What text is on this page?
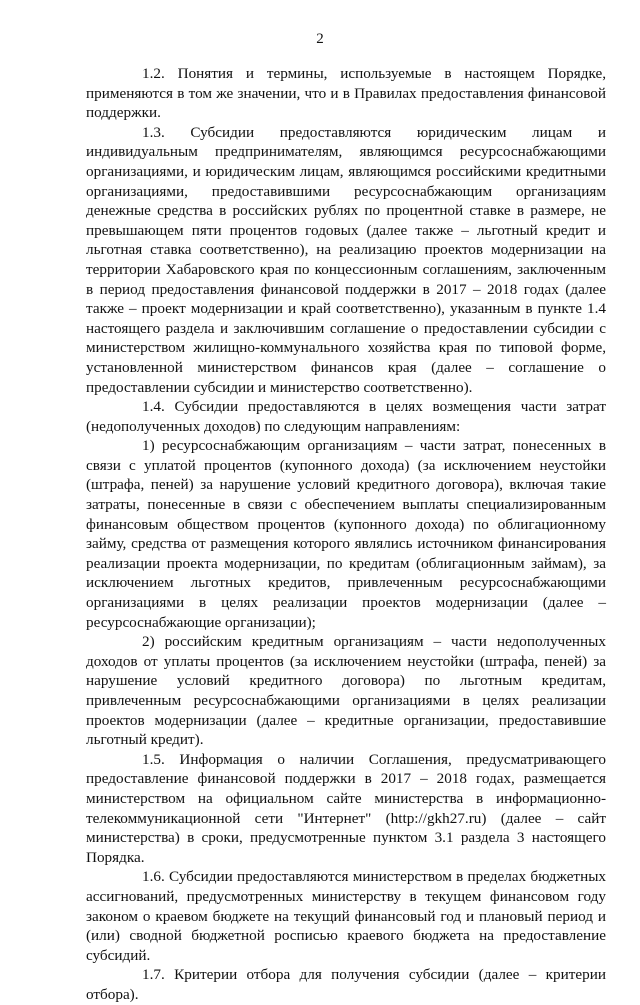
2

1.2. Понятия и термины, используемые в настоящем Порядке, применяются в том же значении, что и в Правилах предоставления финансовой поддержки.

1.3. Субсидии предоставляются юридическим лицам и индивидуальным предпринимателям, являющимся ресурсоснабжающими организациями, и юридическим лицам, являющимся российскими кредитными организациями, предоставившими ресурсоснабжающим организациям денежные средства в российских рублях по процентной ставке в размере, не превышающем пяти процентов годовых (далее также – льготный кредит и льготная ставка соответственно), на реализацию проектов модернизации на территории Хабаровского края по концессионным соглашениям, заключенным в период предоставления финансовой поддержки в 2017 – 2018 годах (далее также – проект модернизации и край соответственно), указанным в пункте 1.4 настоящего раздела и заключившим соглашение о предоставлении субсидии с министерством жилищно-коммунального хозяйства края по типовой форме, установленной министерством финансов края (далее – соглашение о предоставлении субсидии и министерство соответственно).

1.4. Субсидии предоставляются в целях возмещения части затрат (недополученных доходов) по следующим направлениям:

1) ресурсоснабжающим организациям – части затрат, понесенных в связи с уплатой процентов (купонного дохода) (за исключением неустойки (штрафа, пеней) за нарушение условий кредитного договора), включая такие затраты, понесенные в связи с обеспечением выплаты специализированным финансовым обществом процентов (купонного дохода) по облигационному займу, средства от размещения которого являлись источником финансирования реализации проекта модернизации, по кредитам (облигационным займам), за исключением льготных кредитов, привлеченным ресурсоснабжающими организациями в целях реализации проектов модернизации (далее – ресурсоснабжающие организации);

2) российским кредитным организациям – части недополученных доходов от уплаты процентов (за исключением неустойки (штрафа, пеней) за нарушение условий кредитного договора) по льготным кредитам, привлеченным ресурсоснабжающими организациями в целях реализации проектов модернизации (далее – кредитные организации, предоставившие льготный кредит).

1.5. Информация о наличии Соглашения, предусматривающего предоставление финансовой поддержки в 2017 – 2018 годах, размещается министерством на официальном сайте министерства в информационно-телекоммуникационной сети "Интернет" (http://gkh27.ru) (далее – сайт министерства) в сроки, предусмотренные пунктом 3.1 раздела 3 настоящего Порядка.

1.6. Субсидии предоставляются министерством в пределах бюджетных ассигнований, предусмотренных министерству в текущем финансовом году законом о краевом бюджете на текущий финансовый год и плановый период и (или) сводной бюджетной росписью краевого бюджета на предоставление субсидий.

1.7. Критерии отбора для получения субсидии (далее – критерии отбора).
